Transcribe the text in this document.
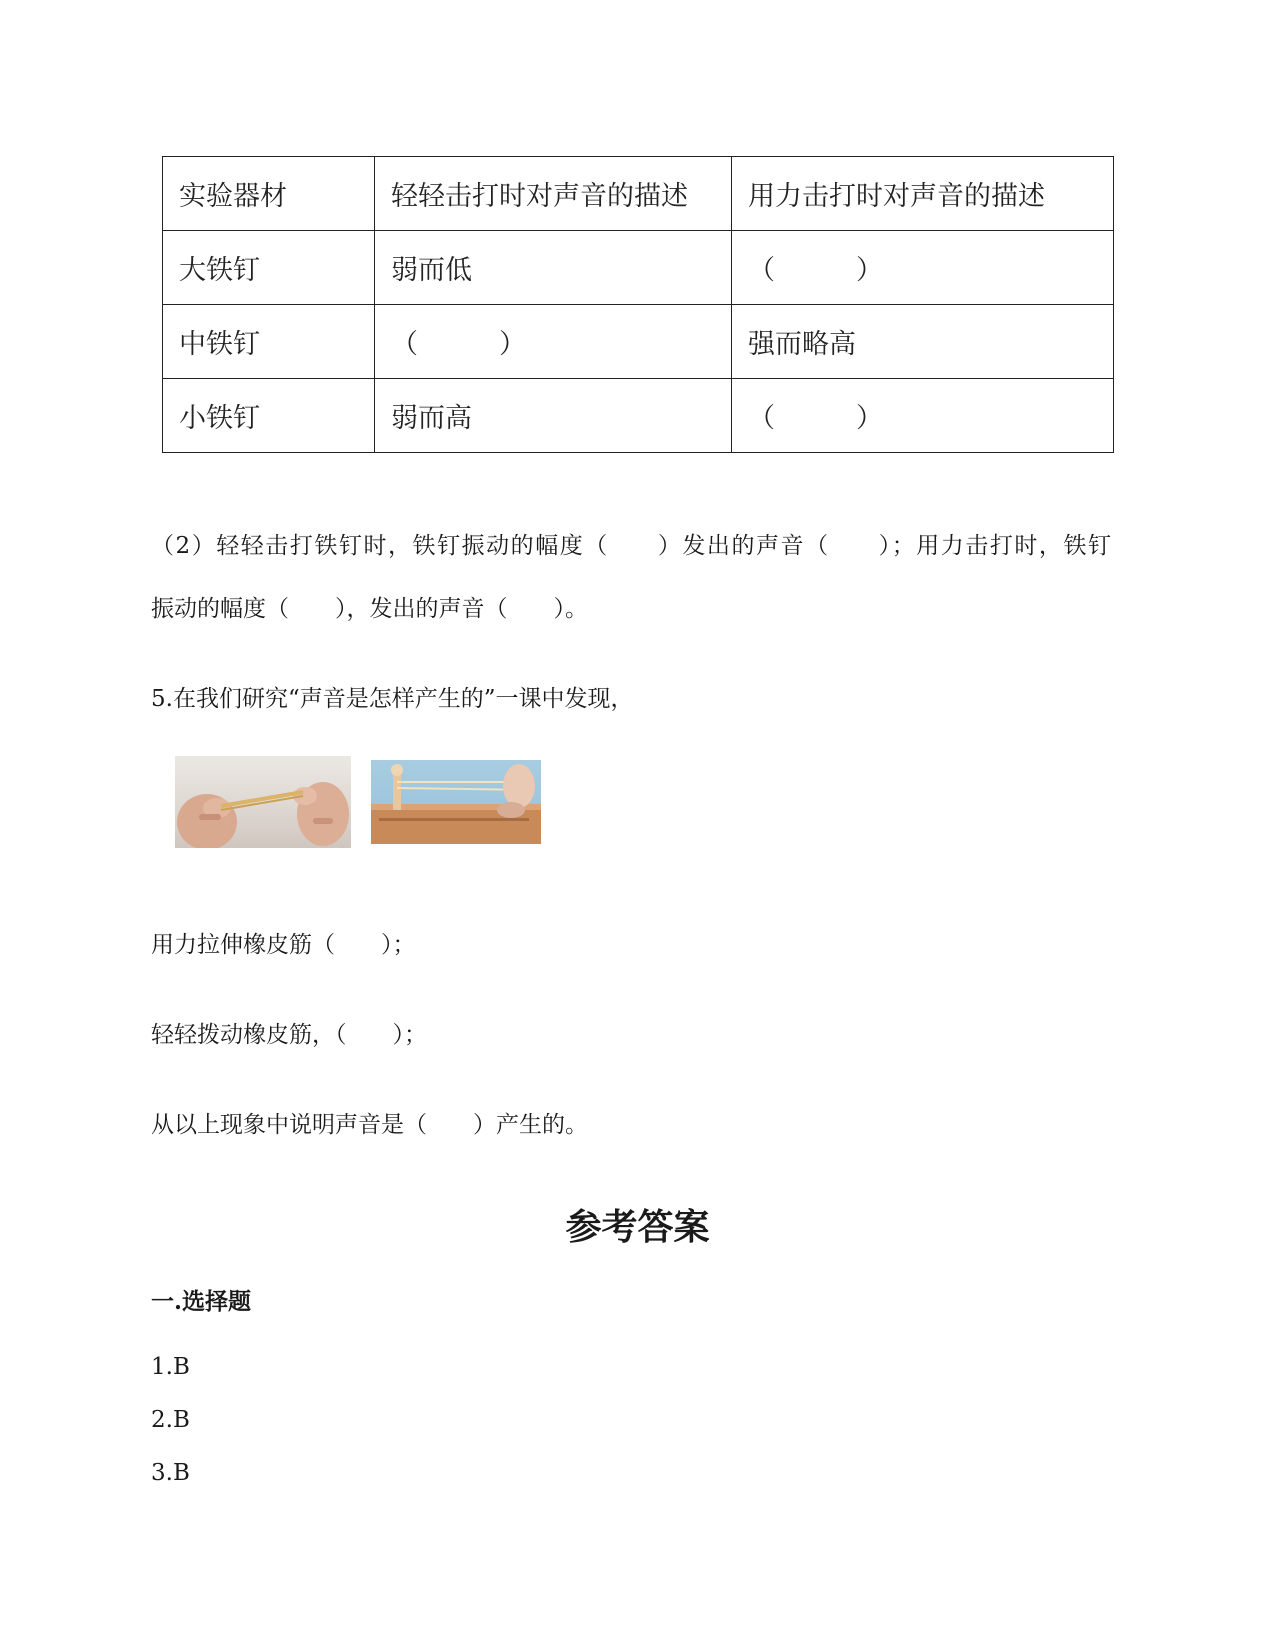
实验器材	轻轻击打时对声音的描述	用力击打时对声音的描述
大铁钉	弱而低	（　　　）
中铁钉	（　　　）	强而略高
小铁钉	弱而高	（　　　）
（2）轻轻击打铁钉时，铁钉振动的幅度（　　）发出的声音（　　）；用力击打时，铁钉
振动的幅度（　　），发出的声音（　　）。
5.在我们研究“声音是怎样产生的”一课中发现，
用力拉伸橡皮筋（　　）；
轻轻拨动橡皮筋，（　　）；
从以上现象中说明声音是（　　）产生的。
参考答案
一.选择题
1.B
2.B
3.B
